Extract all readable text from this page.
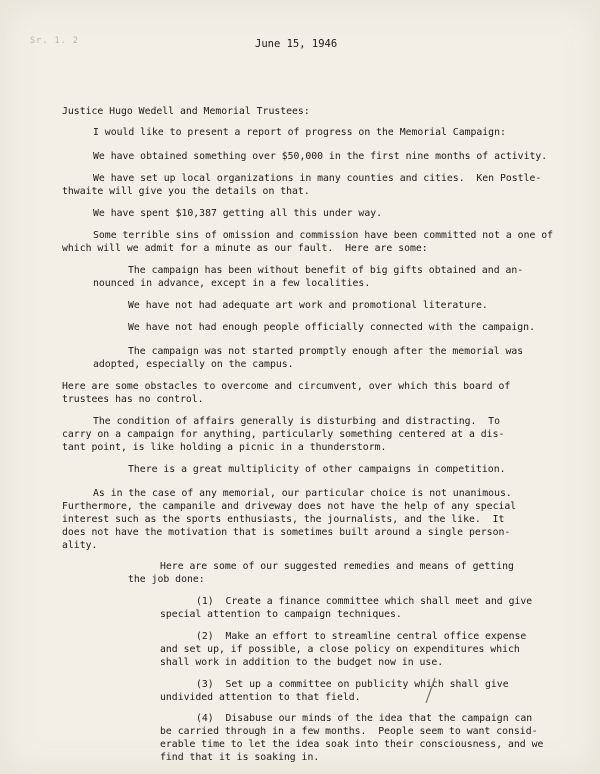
Sr. 1. 2	June 15, 1946
Justice Hugo Wedell and Memorial Trustees:
I would like to present a report of progress on the Memorial Campaign:
We have obtained something over $50,000 in the first nine months of activity.
We have set up local organizations in many counties and cities.  Ken Postle-
thwaite will give you the details on that.
We have spent $10,387 getting all this under way.
Some terrible sins of omission and commission have been committed not a one of
which will we admit for a minute as our fault.  Here are some:
The campaign has been without benefit of big gifts obtained and an-
nounced in advance, except in a few localities.
We have not had adequate art work and promotional literature.
We have not had enough people officially connected with the campaign.
The campaign was not started promptly enough after the memorial was
adopted, especially on the campus.
Here are some obstacles to overcome and circumvent, over which this board of
trustees has no control.
The condition of affairs generally is disturbing and distracting.  To
carry on a campaign for anything, particularly something centered at a dis-
tant point, is like holding a picnic in a thunderstorm.
There is a great multiplicity of other campaigns in competition.
As in the case of any memorial, our particular choice is not unanimous.
Furthermore, the campanile and driveway does not have the help of any special
interest such as the sports enthusiasts, the journalists, and the like.  It
does not have the motivation that is sometimes built around a single person-
ality.
Here are some of our suggested remedies and means of getting
the job done:
(1)  Create a finance committee which shall meet and give
special attention to campaign techniques.
(2)  Make an effort to streamline central office expense
and set up, if possible, a close policy on expenditures which
shall work in addition to the budget now in use.
(3)  Set up a committee on publicity which shall give
undivided attention to that field.
(4)  Disabuse our minds of the idea that the campaign can
be carried through in a few months.  People seem to want consid-
erable time to let the idea soak into their consciousness, and we
find that it is soaking in.
